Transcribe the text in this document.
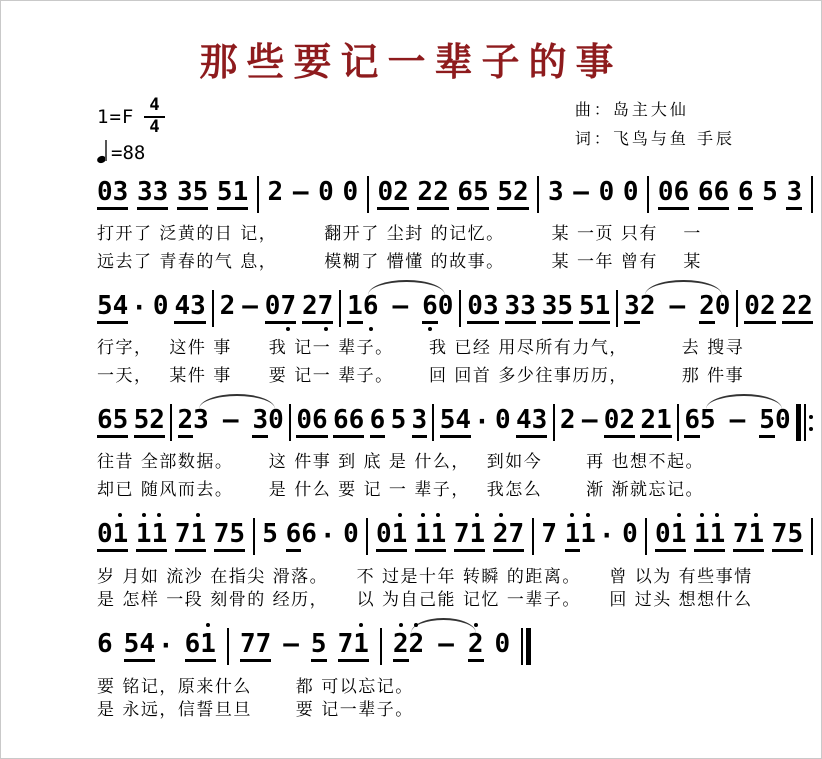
那些要记一辈子的事
$1=F \frac{4}{4}$
=88
曲：岛主大仙
词：飞鸟与鱼 手辰
0 3 3 3 3 5 5 1 2 – 0 0 0 2 2 2 6 5 5 2 3 – 0 0 0 6 6 6 6 5 3
打开了 泛黄的日 记，　　　翻开了 尘封 的记忆。　　　某 一页 只有　 一
远去了 青春的气 息，　　　模糊了 懵懂 的故事。　　　某 一年 曾有　 某
5 4 · 0 4 3 2 – 0 7 2 7 1 6 – 6 0 0 3 3 3 3 5 5 1 3 2 – 2 0 0 2 2 2
行字，　 这件 事　　我 记一 辈子。　　 我 已经 用尽所有力气，　　　 去 搜寻
一天，　 某件 事　　要 记一 辈子。　　 回 回首 多少往事历历，　　　 那 件事
6 5 5 2 2 3 – 3 0 0 6 6 6 6 5 3 5 4 · 0 4 3 2 – 0 2 2 1 6 5 – 5 0
往昔 全部数据。　　 这 件事 到 底 是 什么，　 到如今　　 再 也想不起。
却已 随风而去。　　 是 什么 要 记 一 辈子，　 我怎么　　 渐 渐就忘记。
0 1 1 1 7 1 7 5 5 6 6 · 0 0 1 1 1 7 1 2 7 7 1 1 · 0 0 1 1 1 7 1 7 5
岁 月如 流沙 在指尖 滑落。　　不 过是十年 转瞬 的距离。　　曾 以为 有些事情
是 怎样 一段 刻骨的 经历，　　以 为自己能 记忆 一辈子。　　回 过头 想想什么
6 5 4 · 6 1 7 7 – 5 7 1 2 2 – 2 0
要 铭记，原来什么　　 都 可以忘记。
是 永远，信誓旦旦　　 要 记一辈子。
